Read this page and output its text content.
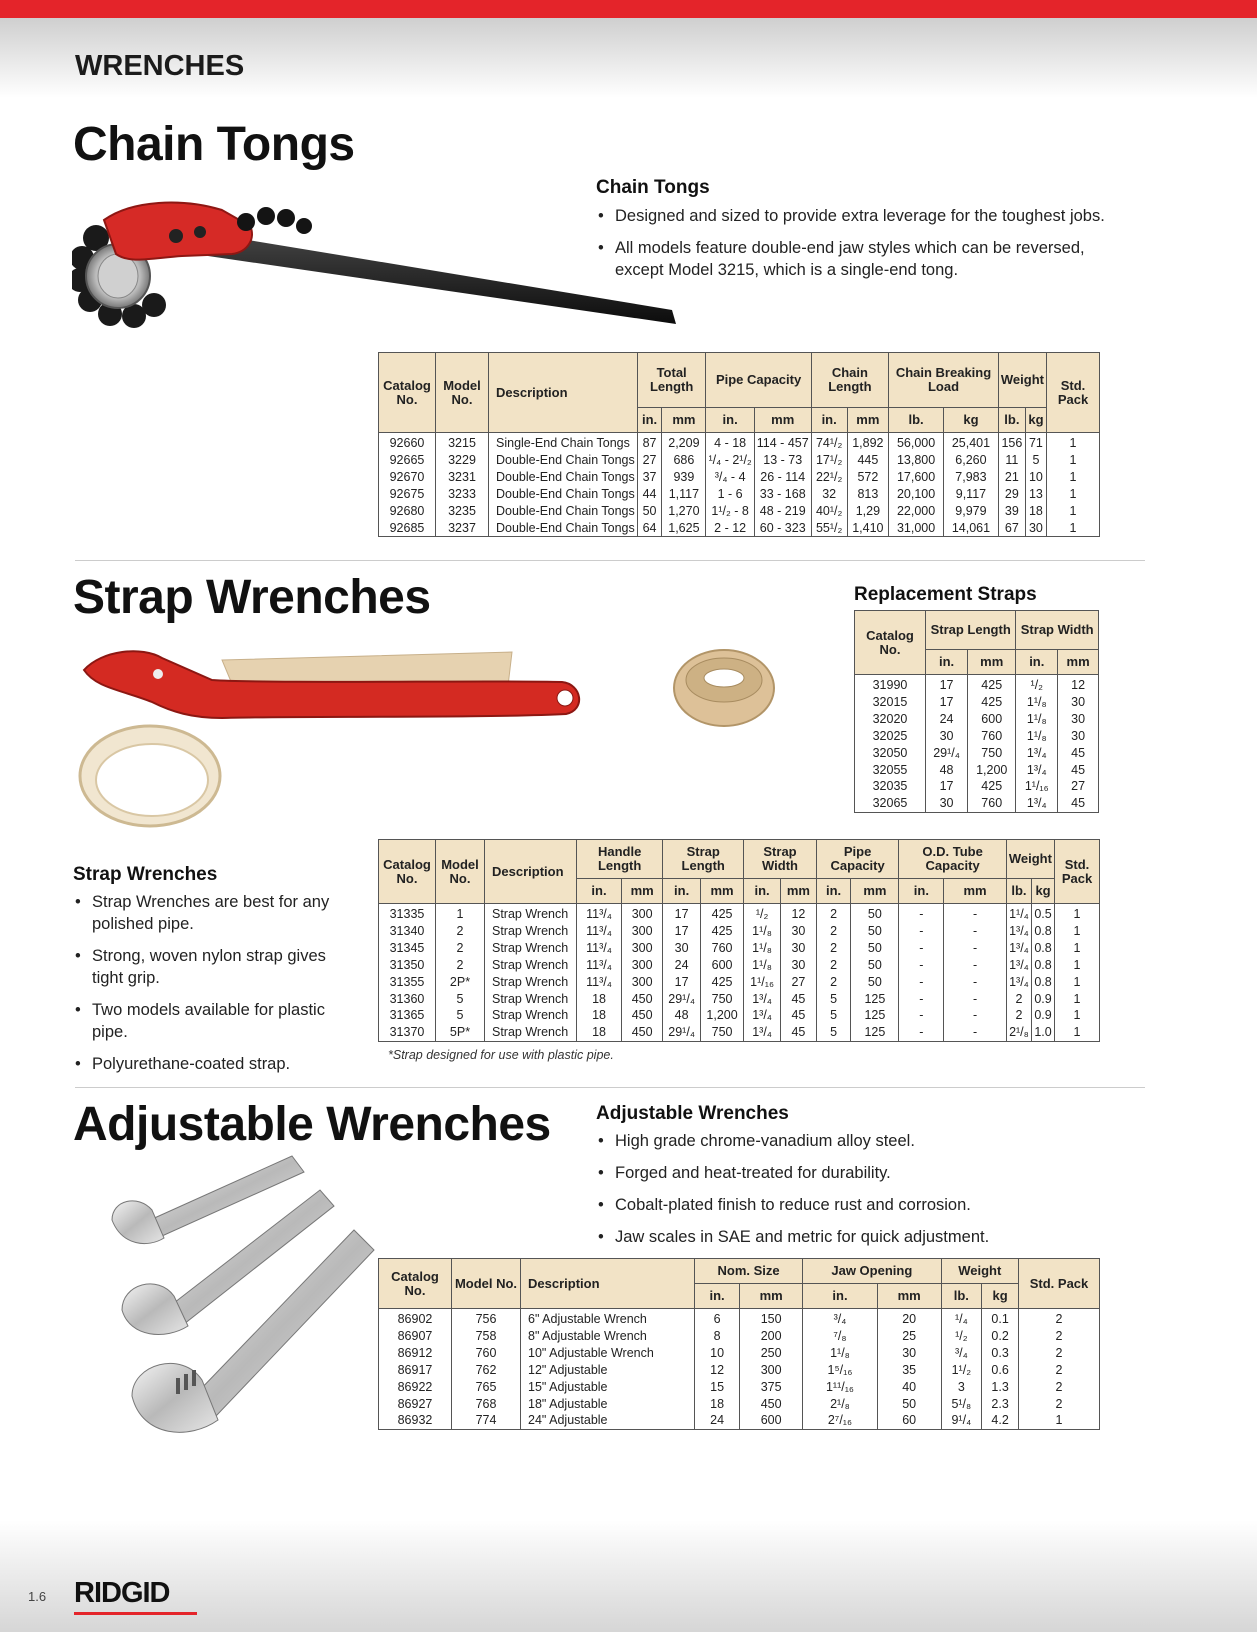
WRENCHES
Chain Tongs
Chain Tongs
• Designed and sized to provide extra leverage for the toughest jobs.
• All models feature double-end jaw styles which can be reversed, except Model 3215, which is a single-end tong.
Catalog No.	Model No.	Description	Total Length		Pipe Capacity		Chain Length		Chain Breaking Load		Weight		Std. Pack
			in.	mm	in.	mm	in.	mm	lb.	kg	lb.	kg	
92660	3215	Single-End Chain Tongs	87	2,209	4 - 18	114 - 457	74¹/₂	1,892	56,000	25,401	156	71	1
92665	3229	Double-End Chain Tongs	27	686	¹/₄ - 2¹/₂	13 - 73	17¹/₂	445	13,800	6,260	11	5	1
92670	3231	Double-End Chain Tongs	37	939	³/₄ - 4	26 - 114	22¹/₂	572	17,600	7,983	21	10	1
92675	3233	Double-End Chain Tongs	44	1,117	1 - 6	33 - 168	32	813	20,100	9,117	29	13	1
92680	3235	Double-End Chain Tongs	50	1,270	1¹/₂ - 8	48 - 219	40¹/₂	1,29	22,000	9,979	39	18	1
92685	3237	Double-End Chain Tongs	64	1,625	2 - 12	60 - 323	55¹/₂	1,410	31,000	14,061	67	30	1
Strap Wrenches	Replacement Straps
Catalog No.	Strap Length		Strap Width	
	in.	mm	in.	mm
31990	17	425	¹/₂	12
32015	17	425	1¹/₈	30
32020	24	600	1¹/₈	30
32025	30	760	1¹/₈	30
32050	29¹/₄	750	1³/₄	45
32055	48	1,200	1³/₄	45
32035	17	425	1¹/₁₆	27
32065	30	760	1³/₄	45
Strap Wrenches
• Strap Wrenches are best for any polished pipe.
• Strong, woven nylon strap gives tight grip.
• Two models available for plastic pipe.
• Polyurethane-coated strap.
Catalog No.	Model No.	Description	Handle Length		Strap Length		Strap Width		Pipe Capacity		O.D. Tube Capacity		Weight		Std. Pack
			in.	mm	in.	mm	in.	mm	in.	mm	in.	mm	lb.	kg	
31335	1	Strap Wrench	11³/₄	300	17	425	¹/₂	12	2	50	-	-	1¹/₄	0.5	1
31340	2	Strap Wrench	11³/₄	300	17	425	1¹/₈	30	2	50	-	-	1³/₄	0.8	1
31345	2	Strap Wrench	11³/₄	300	30	760	1¹/₈	30	2	50	-	-	1³/₄	0.8	1
31350	2	Strap Wrench	11³/₄	300	24	600	1¹/₈	30	2	50	-	-	1³/₄	0.8	1
31355	2P*	Strap Wrench	11³/₄	300	17	425	1¹/₁₆	27	2	50	-	-	1³/₄	0.8	1
31360	5	Strap Wrench	18	450	29¹/₄	750	1³/₄	45	5	125	-	-	2	0.9	1
31365	5	Strap Wrench	18	450	48	1,200	1³/₄	45	5	125	-	-	2	0.9	1
31370	5P*	Strap Wrench	18	450	29¹/₄	750	1³/₄	45	5	125	-	-	2¹/₈	1.0	1
*Strap designed for use with plastic pipe.
Adjustable Wrenches Adjustable Wrenches
• High grade chrome-vanadium alloy steel.
• Forged and heat-treated for durability.
• Cobalt-plated finish to reduce rust and corrosion.
• Jaw scales in SAE and metric for quick adjustment.
Catalog No.	Model No.	Description	Nom. Size		Jaw Opening		Weight		Std. Pack
			in.	mm	in.	mm	lb.	kg	
86902	756	6" Adjustable Wrench	6	150	³/₄	20	¹/₄	0.1	2
86907	758	8" Adjustable Wrench	8	200	⁷/₈	25	¹/₂	0.2	2
86912	760	10" Adjustable Wrench	10	250	1¹/₈	30	³/₄	0.3	2
86917	762	12" Adjustable	12	300	1⁵/₁₆	35	1¹/₂	0.6	2
86922	765	15" Adjustable	15	375	1¹¹/₁₆	40	3	1.3	2
86927	768	18" Adjustable	18	450	2¹/₈	50	5¹/₈	2.3	2
86932	774	24" Adjustable	24	600	2⁷/₁₆	60	9¹/₄	4.2	1
1.6 RIDGID
